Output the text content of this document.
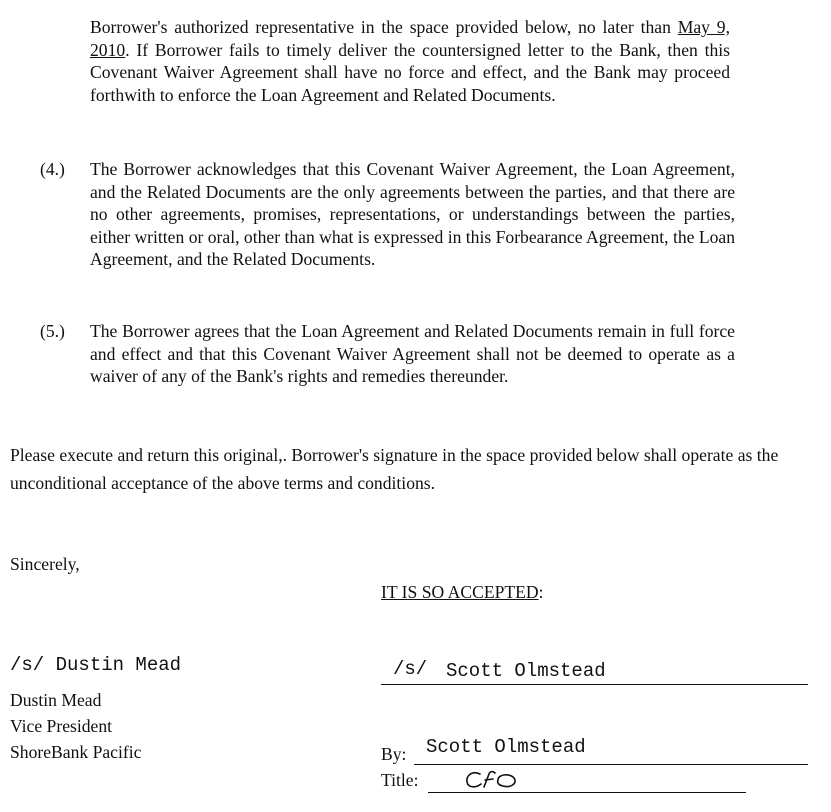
Borrower's authorized representative in the space provided below, no later than May 9, 2010. If Borrower fails to timely deliver the countersigned letter to the Bank, then this Covenant Waiver Agreement shall have no force and effect, and the Bank may proceed forthwith to enforce the Loan Agreement and Related Documents.

(4.)	The Borrower acknowledges that this Covenant Waiver Agreement, the Loan Agreement, and the Related Documents are the only agreements between the parties, and that there are no other agreements, promises, representations, or understandings between the parties, either written or oral, other than what is expressed in this Forbearance Agreement, the Loan Agreement, and the Related Documents.
(5.)	The Borrower agrees that the Loan Agreement and Related Documents remain in full force and effect and that this Covenant Waiver Agreement shall not be deemed to operate as a waiver of any of the Bank's rights and remedies thereunder.

Please execute and return this original,. Borrower's signature in the space provided below shall operate as the unconditional acceptance of the above terms and conditions.

Sincerely,
IT IS SO ACCEPTED:
/s/ Dustin Mead
Dustin Mead
Vice President
ShoreBank Pacific
/s/ Scott Olmstead
By: Scott Olmstead
Title:
